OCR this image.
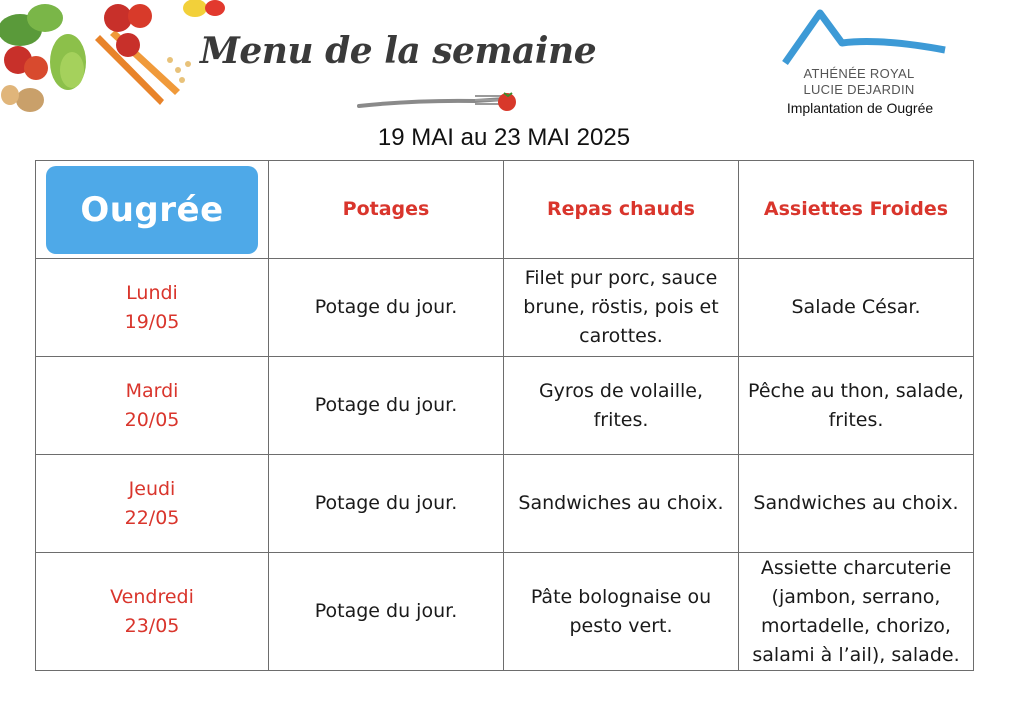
Menu de la semaine
ATHÉNÉE ROYAL
LUCIE DEJARDIN
Implantation de Ougrée
19 MAI au 23 MAI 2025
Ougrée	Potages	Repas chauds	Assiettes Froides
Lundi
19/05	Potage du jour.	Filet pur porc, sauce brune, röstis, pois et carottes.	Salade César.
Mardi
20/05	Potage du jour.	Gyros de volaille, frites.	Pêche au thon, salade, frites.
Jeudi
22/05	Potage du jour.	Sandwiches au choix.	Sandwiches au choix.
Vendredi
23/05	Potage du jour.	Pâte bolognaise ou pesto vert.	Assiette charcuterie (jambon, serrano, mortadelle, chorizo, salami à l’ail), salade.
